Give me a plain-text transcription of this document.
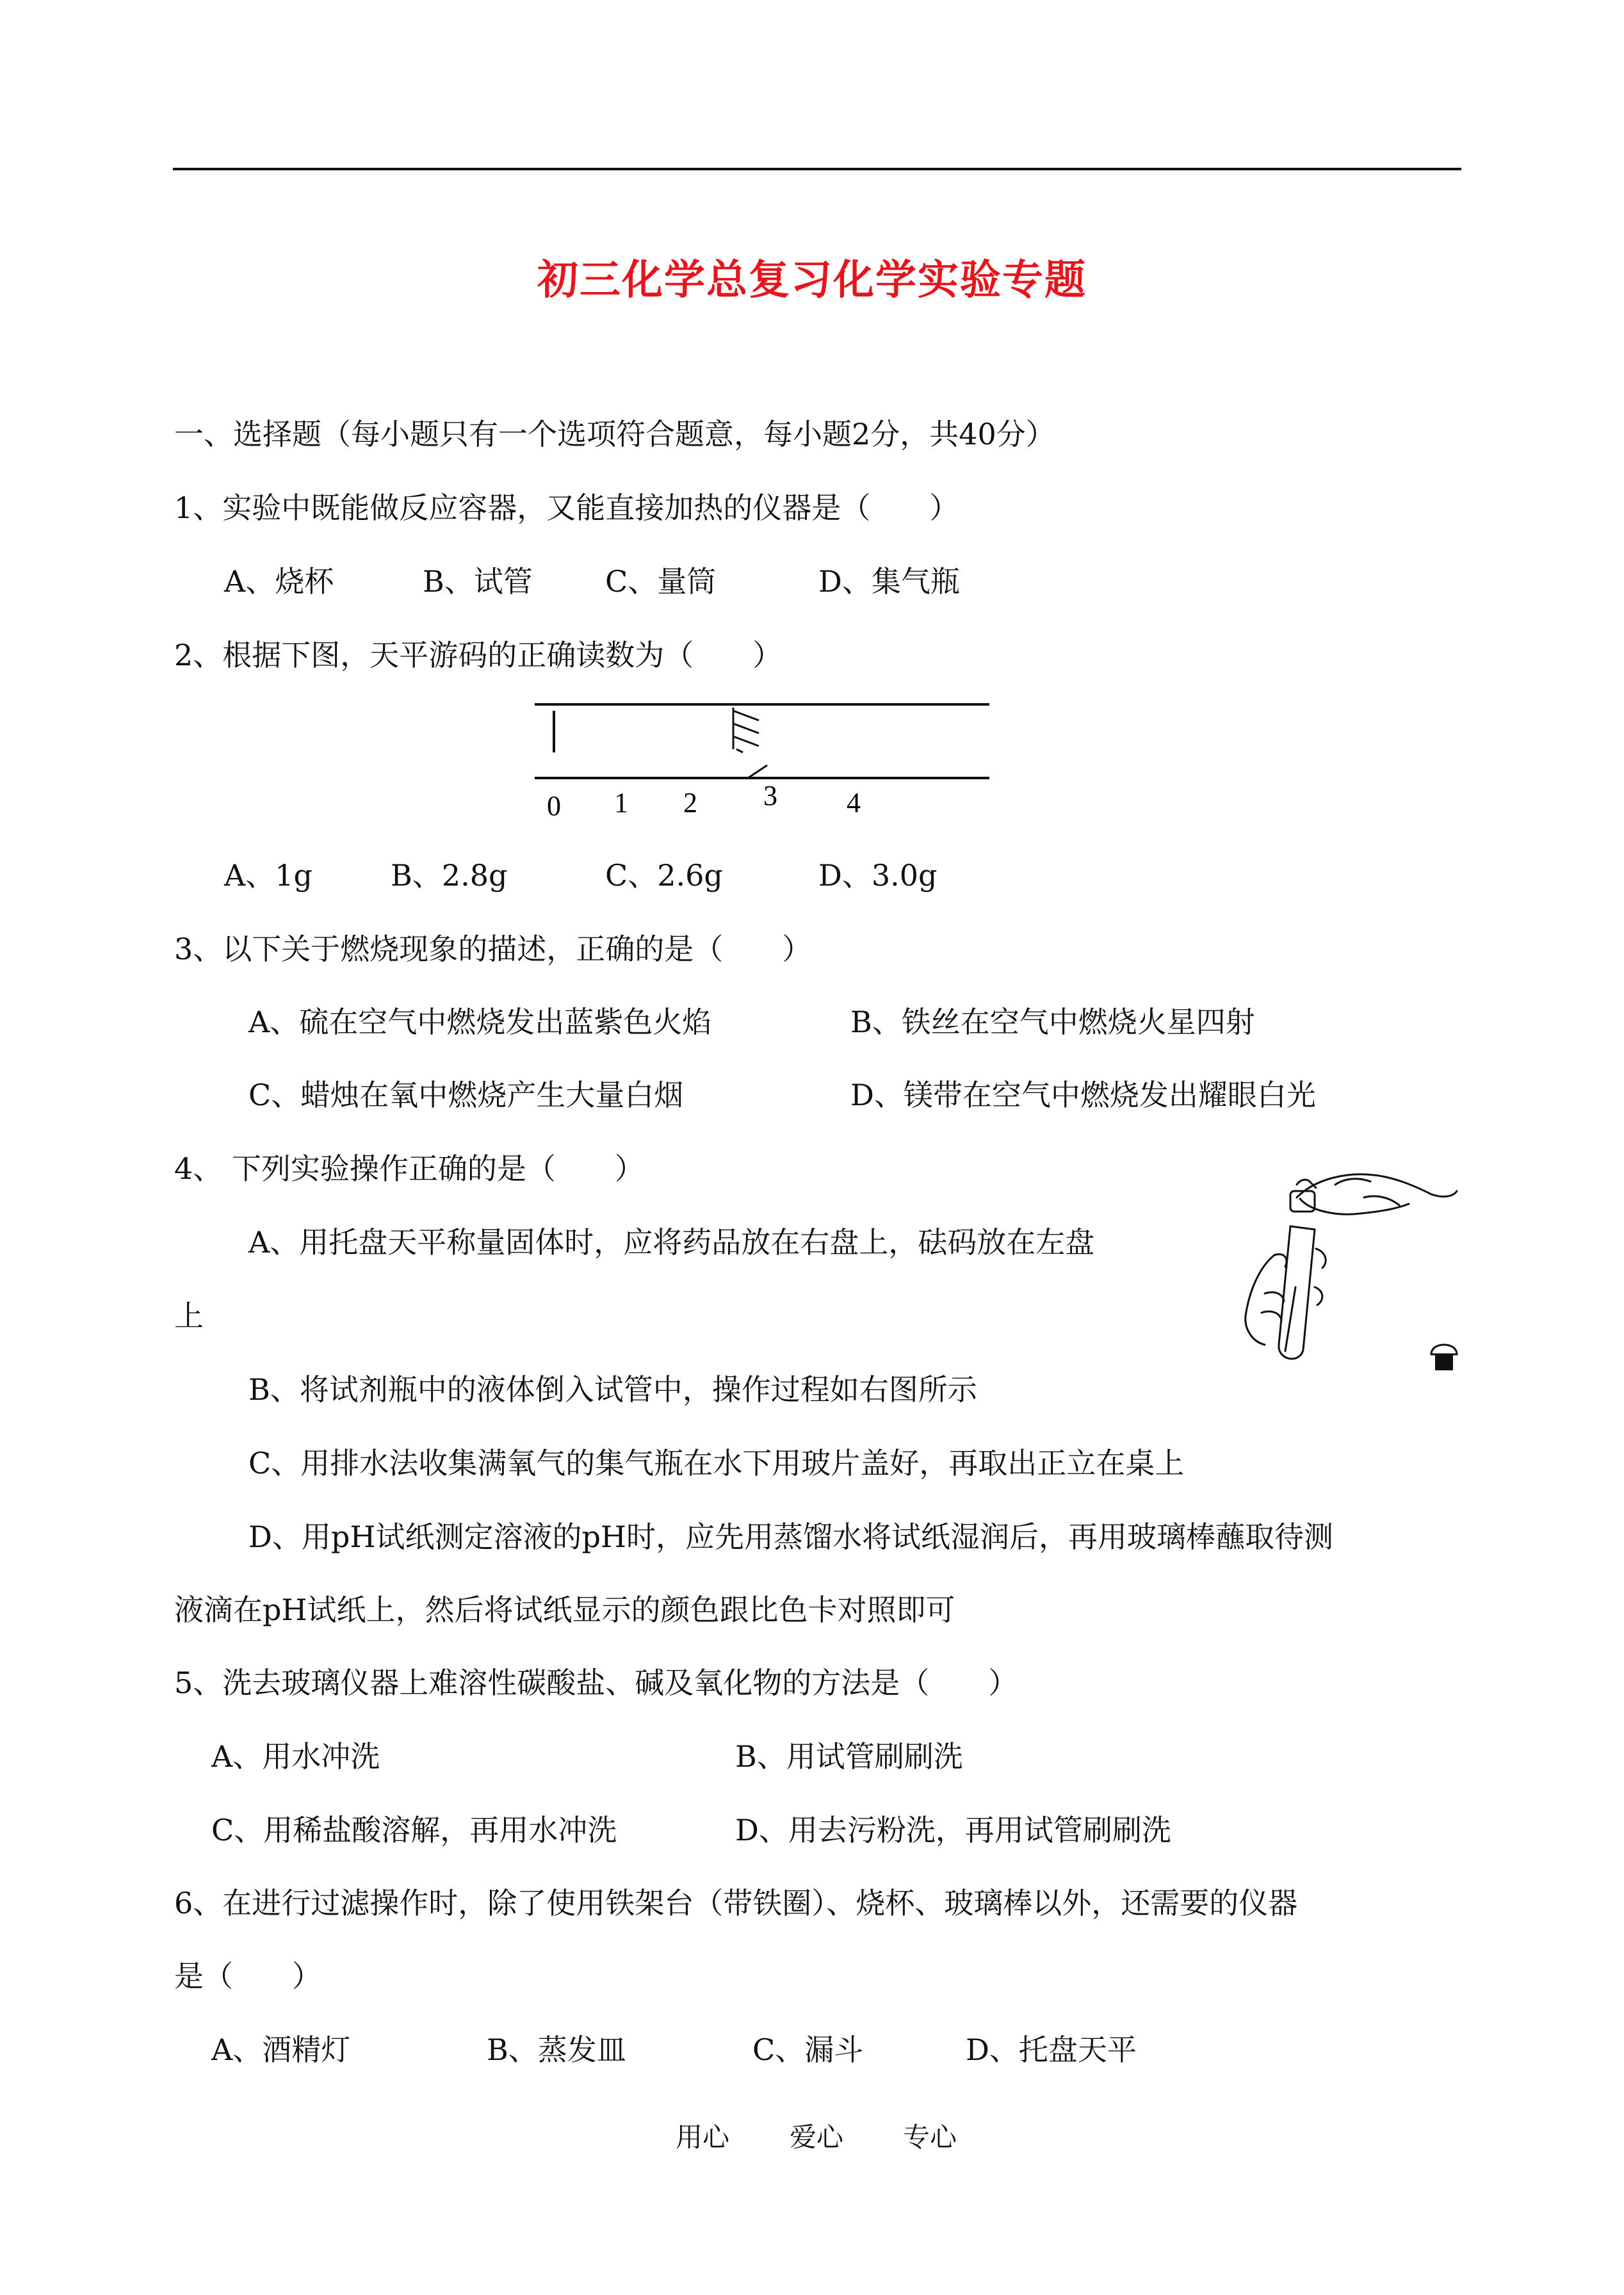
初三化学总复习化学实验专题
一、选择题（每小题只有一个选项符合题意，每小题2分，共40分）
1、实验中既能做反应容器，又能直接加热的仪器是（　　）
A、烧杯	B、试管 C、量筒	D、集气瓶
2、根据下图，天平游码的正确读数为（　　）
0 1 2 3 4
A、1g	B、2.8g	C、2.6g	D、3.0g
3、以下关于燃烧现象的描述，正确的是（　　）
A、硫在空气中燃烧发出蓝紫色火焰	B、铁丝在空气中燃烧火星四射
C、蜡烛在氧中燃烧产生大量白烟	D、镁带在空气中燃烧发出耀眼白光
4、 下列实验操作正确的是（　　）
A、用托盘天平称量固体时，应将药品放在右盘上，砝码放在左盘
上
B、将试剂瓶中的液体倒入试管中，操作过程如右图所示
C、用排水法收集满氧气的集气瓶在水下用玻片盖好，再取出正立在桌上
D、用pH试纸测定溶液的pH时，应先用蒸馏水将试纸湿润后，再用玻璃棒蘸取待测
液滴在pH试纸上，然后将试纸显示的颜色跟比色卡对照即可
5、洗去玻璃仪器上难溶性碳酸盐、碱及氧化物的方法是（　　）
A、用水冲洗	B、用试管刷刷洗
C、用稀盐酸溶解，再用水冲洗	D、用去污粉洗，再用试管刷刷洗
6、在进行过滤操作时，除了使用铁架台（带铁圈）、烧杯、玻璃棒以外，还需要的仪器
是（　　）
A、酒精灯	B、蒸发皿	C、漏斗	D、托盘天平
用心 爱心 专心
